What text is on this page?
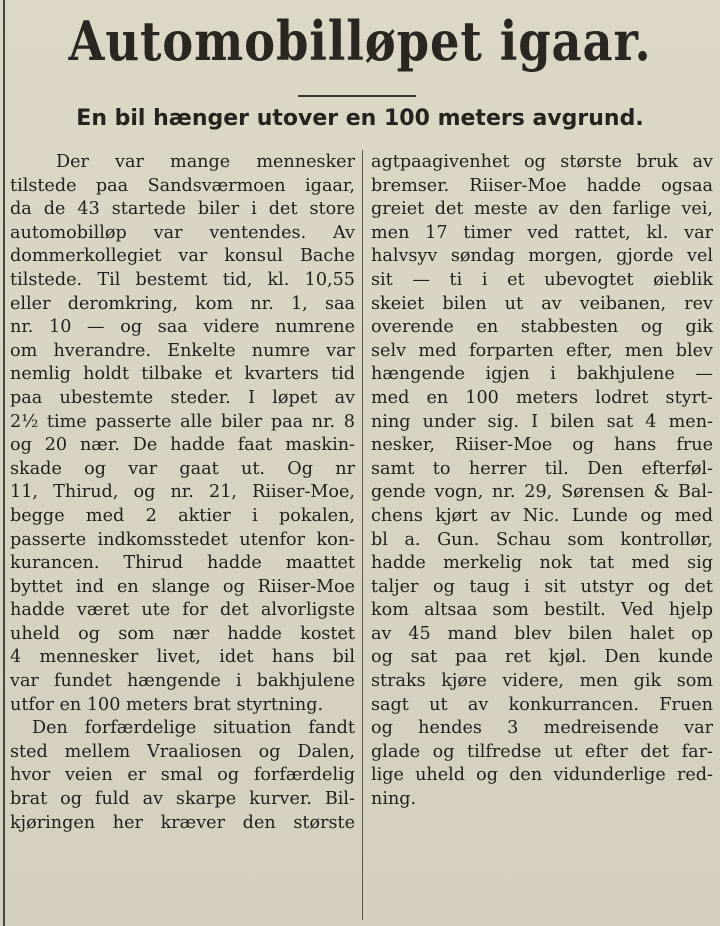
Automobilløpet igaar.
En bil hænger utover en 100 meters avgrund.

Der var mange mennesker

tilstede paa Sandsværmoen igaar,

da de 43 startede biler i det store

automobilløp var ventendes. Av

dommerkollegiet var konsul Bache

tilstede. Til bestemt tid, kl. 10,55

eller deromkring, kom nr. 1, saa

nr. 10 — og saa videre numrene

om hverandre. Enkelte numre var

nemlig holdt tilbake et kvarters tid

paa ubestemte steder. I løpet av

2½ time passerte alle biler paa nr. 8

og 20 nær. De hadde faat maskin-

skade og var gaat ut. Og nr

11, Thirud, og nr. 21, Riiser-Moe,

begge med 2 aktier i pokalen,

passerte indkomsstedet utenfor kon-

kurancen. Thirud hadde maattet

byttet ind en slange og Riiser-Moe

hadde været ute for det alvorligste

uheld og som nær hadde kostet

4 mennesker livet, idet hans bil

var fundet hængende i bakhjulene

utfor en 100 meters brat styrtning.

Den forfærdelige situation fandt

sted mellem Vraaliosen og Dalen,

hvor veien er smal og forfærdelig

brat og fuld av skarpe kurver. Bil-

kjøringen her kræver den største

agtpaagivenhet og største bruk av

bremser. Riiser-Moe hadde ogsaa

greiet det meste av den farlige vei,

men 17 timer ved rattet, kl. var

halvsyv søndag morgen, gjorde vel

sit — ti i et ubevogtet øieblik

skeiet bilen ut av veibanen, rev

overende en stabbesten og gik

selv med forparten efter, men blev

hængende igjen i bakhjulene —

med en 100 meters lodret styrt-

ning under sig. I bilen sat 4 men-

nesker, Riiser-Moe og hans frue

samt to herrer til. Den efterføl-

gende vogn, nr. 29, Sørensen & Bal-

chens kjørt av Nic. Lunde og med

bl a. Gun. Schau som kontrollør,

hadde merkelig nok tat med sig

taljer og taug i sit utstyr og det

kom altsaa som bestilt. Ved hjelp

av 45 mand blev bilen halet op

og sat paa ret kjøl. Den kunde

straks kjøre videre, men gik som

sagt ut av konkurrancen. Fruen

og hendes 3 medreisende var

glade og tilfredse ut efter det far-

lige uheld og den vidunderlige red-

ning.
